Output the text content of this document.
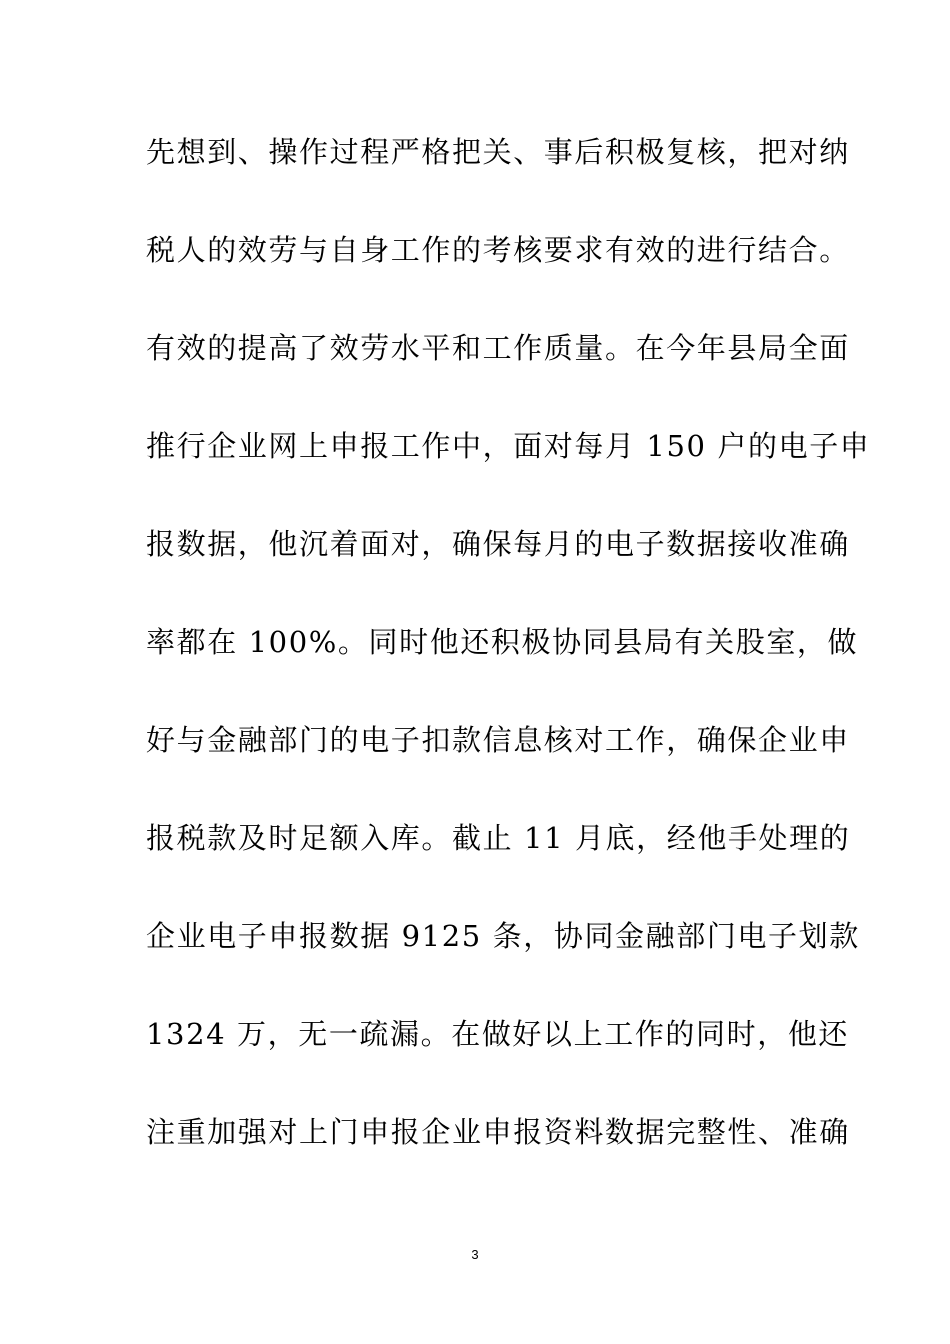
先想到、操作过程严格把关、事后积极复核，把对纳
税人的效劳与自身工作的考核要求有效的进行结合。
有效的提高了效劳水平和工作质量。在今年县局全面
推行企业网上申报工作中，面对每月 150 户的电子申
报数据，他沉着面对，确保每月的电子数据接收准确
率都在 100%。同时他还积极协同县局有关股室，做
好与金融部门的电子扣款信息核对工作，确保企业申
报税款及时足额入库。截止 11 月底，经他手处理的
企业电子申报数据 9125 条，协同金融部门电子划款
1324 万，无一疏漏。在做好以上工作的同时，他还
注重加强对上门申报企业申报资料数据完整性、准确
3
